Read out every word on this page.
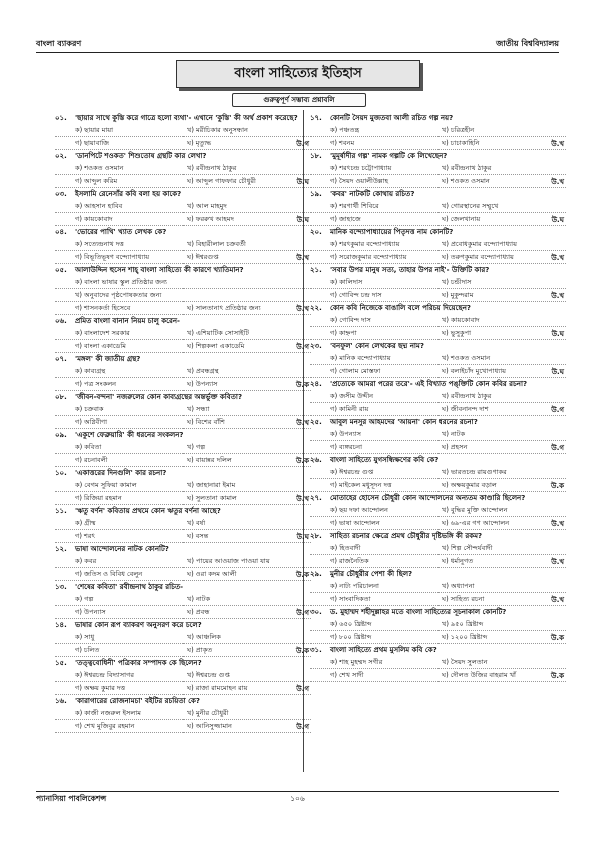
বাংলা ব্যাকরণ	জাতীয় বিশ্ববিদ্যালয়
বাংলা সাহিত্যের ইতিহাস
গুরুত্বপূর্ণ সম্ভাব্য প্রশ্নাবলি
০১.	'ছায়ার সাথে কুস্তি করে গাত্রে হলো ব্যথা'- এখানে 'কুস্তি' কী অর্থ প্রকাশ করেছে?
ক) ছায়ার মায়া	খ) মরীচিকার অনুসন্ধান
গ) ছায়াবাজি	ঘ) মৃত্যুদ্ধ	উ.গ
০২.	'ডানপিটে শওকত' শিশুতোষ গ্রন্থটি কার লেখা?
ক) শওকত ওসমান	খ) রবীন্দ্রনাথ ঠাকুর
গ) আব্দুল করিম	ঘ) আব্দুল গাফফার চৌধুরী	উ.ঘ
০৩.	ইসলামি রেনেসাঁর কবি বলা হয় কাকে?
ক) আহসান হাবিব	খ) আল মাহমুদ
গ) কায়কোবাদ	ঘ) ফররুখ আহমদ	উ.ঘ
০৪.	'ভোরের পাখি' খ্যাত লেখক কে?
ক) সত্যেন্দ্রনাথ দত্ত	খ) বিহারীলাল চক্রবর্তী
গ) বিভূতিভূষণ বন্দ্যোপাধ্যায়	ঘ) ঈশ্বরগুপ্ত	উ.খ
০৫.	আলাউদ্দিন হুসেন শাহ্ বাংলা সাহিত্যে কী কারণে খ্যাতিমান?
ক) বাংলা ভাষার স্কুল প্রতিষ্ঠার জন্য
খ) অনুবাদের পৃষ্ঠপোষকতার জন্য
গ) শাসনকর্তা হিসেবে	ঘ) সালতানাৎ প্রতিষ্ঠার জন্য	উ.খ
০৬.	প্রমিত বাংলা বানান নিয়ম চালু করেন-
ক) বাংলাদেশ সরকার	খ) এশিয়াটিক সোসাইটি
গ) বাংলা একাডেমি	ঘ) শিল্পকলা একাডেমি	উ.গ
০৭.	'মঙ্গল' কী জাতীয় গ্রন্থ?
ক) কাব্যগ্রন্থ	খ) প্রবন্ধগ্রন্থ
গ) পত্র সংকলন	ঘ) উপন্যাস	উ.ক
০৮.	'জীবন-বন্দনা' নজরুলের কোন কাব্যগ্রন্থের অন্তর্ভুক্ত কবিতা?
ক) চক্রবাক	খ) সন্ধ্যা
গ) অগ্নিবীণা	ঘ) বিশের বাঁশি	উ.খ
০৯.	'একুশে ফেব্রুয়ারি' কী ধরনের সংকলন?
ক) কবিতা	খ) গল্প
গ) রচনাবলী	ঘ) বায়ান্নর দলিল	উ.ক
১০.	'একাত্তরের দিনগুলি' কার রচনা?
ক) বেগম সুফিয়া কামাল	খ) জাহানারা ইমাম
গ) রিজিয়া রহমান	ঘ) সুলতানা কামাল	উ.খ
১১.	'ঋতু বর্ণন' কবিতায় প্রথমে কোন ঋতুর বর্ণনা আছে?
ক) গ্রীষ্ম	খ) বর্ষা
গ) শরৎ	ঘ) বসন্ত	উ.ঘ
১২.	ভাষা আন্দোলনের নাটক কোনটি?
ক) কবর	খ) পায়ের আওয়াজ পাওয়া যায়
গ) জতিস ও বিবিধ বেলুন	ঘ) ওরা কদম আলী	উ.ক
১৩.	'শেষের কবিতা' রবীন্দ্রনাথ ঠাকুর রচিত-
ক) গল্প	খ) নাটক
গ) উপন্যাস	ঘ) প্রবন্ধ	উ.গ
১৪.	ভাষার কোন রূপ ব্যাকরণ অনুসরণ করে চলে?
ক) সাধু	খ) আঞ্চলিক
গ) চলিত	ঘ) প্রাকৃত	উ.ক
১৫.	'তত্ত্ববোধিনী' পত্রিকার সম্পাদক কে ছিলেন?
ক) ঈশ্বরচন্দ্র বিদ্যাসাগর	খ) ঈশ্বরচন্দ্র গুপ্ত
গ) অক্ষয় কুমার দত্ত	ঘ) রাজা রামমোহন রায়	উ.গ
১৬.	'কারাগারের রোজনামচা' বইটির রচয়িতা কে?
ক) কাজী নজরুল ইসলাম	খ) মুনীর চৌধুরী
গ) শেখ মুজিবুর রহমান	ঘ) আনিসুজ্জামান	উ.গ
১৭.	কোনটি সৈয়দ মুজতবা আলী রচিত গল্প নয়?
ক) পঞ্চতন্ত্র	খ) চরিত্রহীন
গ) শবনম	ঘ) চাচাকাহিনি	উ.খ
১৮.	'মুমূর্ষাদীর গল্প' নামক গল্পটি কে লিখেছেন?
ক) শরৎচন্দ্র চট্টোপাধ্যায়	খ) রবীন্দ্রনাথ ঠাকুর
গ) সৈয়দ ওয়ালীউল্লাহ	ঘ) শওকত ওসমান	উ.খ
১৯.	'কবর' নাটকটি কোথায় রচিত?
ক) শরণার্থী শিবিরে	খ) গোরস্থানের সম্মুখে
গ) জাহাজে	ঘ) জেলখানায়	উ.ঘ
২০.	মানিক বন্দ্যোপাধ্যায়ের পিতৃদত্ত নাম কোনটি?
ক) শরৎকুমার বন্দ্যোপাধ্যায়	খ) প্রবোধকুমার বন্দ্যোপাধ্যায়
গ) সরোজকুমার বন্দ্যোপাধ্যায়	ঘ) তরুণকুমার বন্দ্যোপাধ্যায়	উ.খ
২১.	'সবার উপর মানুষ সত্য, তাহার উপর নাই'- উক্তিটি কার?
ক) কালিদাস	খ) চন্ডীদাস
গ) গোবিন্দ চন্দ্র দাস	ঘ) মুকুন্দরাম	উ.খ
২২.	কোন কবি নিজেকে বাঙালি বলে পরিচয় দিয়েছেন?
ক) গোবিন্দ দাস	খ) কায়কোবাদ
গ) কাহ্নপা	ঘ) ভুসুকুপা	উ.ঘ
২৩.	'বনফুল' কোন লেখকের ছদ্ম নাম?
ক) মানিক বন্দ্যোপাধ্যায়	খ) শওকত ওসমান
গ) গোলাম মোস্তফা	ঘ) বলাইচাঁদ মুখোপাধ্যায়	উ.ঘ
২৪.	'প্রত্যেকে আমরা পরের তরে'- এই বিখ্যাত পঙ্‌ক্তিটি কোন কবির রচনা?
ক) জসীম উদ্দীন	খ) রবীন্দ্রনাথ ঠাকুর
গ) কামিনী রায়	ঘ) জীবনানন্দ দাশ	উ.গ
২৫.	আবুল মনসুর আহমদের 'আয়না' কোন ধরনের রচনা?
ক) উপন্যাস	খ) নাটক
গ) ব্যঙ্গরচনা	ঘ) প্রহসন	উ.গ
২৬.	বাংলা সাহিত্যে যুগসন্ধিক্ষণের কবি কে?
ক) ঈশ্বরচন্দ্র গুপ্ত	খ) ভারতচন্দ্র রায়গুণাকর
গ) মাইকেল মধুসূদন দত্ত	ঘ) অক্ষয়কুমার বড়াল	উ.ক
২৭.	মোতাহের হোসেন চৌধুরী কোন আন্দোলনের অন্যতম কাণ্ডারি ছিলেন?
ক) ছয় দফা আন্দোলন	খ) বুদ্ধির মুক্তি আন্দোলন
গ) ভাষা আন্দোলন	ঘ) ৬৯-এর গণ আন্দোলন	উ.খ
২৮.	সাহিত্য রচনার ক্ষেত্রে প্রমথ চৌধুরীর দৃষ্টিভঙ্গি কী রকম?
ক) হিতবাদী	খ) শিল্প সৌন্দর্যবাদী
গ) রাজনৈতিক	ঘ) ধর্মানুগত	উ.খ
২৯.	মুনীর চৌধুরীর পেশা কী ছিল?
ক) নাট্য পরিচালনা	খ) অধ্যাপনা
গ) সাংবাদিকতা	ঘ) সাহিত্য রচনা	উ.খ
৩০.	ড. মুহাম্মদ শহীদুল্লাহর মতে বাংলা সাহিত্যের সূচনাকাল কোনটি?
ক) ৬৫০ খ্রিষ্টাব্দ	খ) ৯৫০ খ্রিষ্টাব্দ
গ) ৮০০ খ্রিষ্টাব্দ	ঘ) ১২০০ খ্রিষ্টাব্দ	উ.ক
৩১.	বাংলা সাহিত্যে প্রথম মুসলিম কবি কে?
ক) শাহ মুহম্মদ সগীর	খ) সৈয়দ সুলতান
গ) শেখ সাদী	ঘ) দৌলত উজির বাহরাম খাঁ	উ.ক
প্যানাসিয়া পাবলিকেশন্স	১০৬
